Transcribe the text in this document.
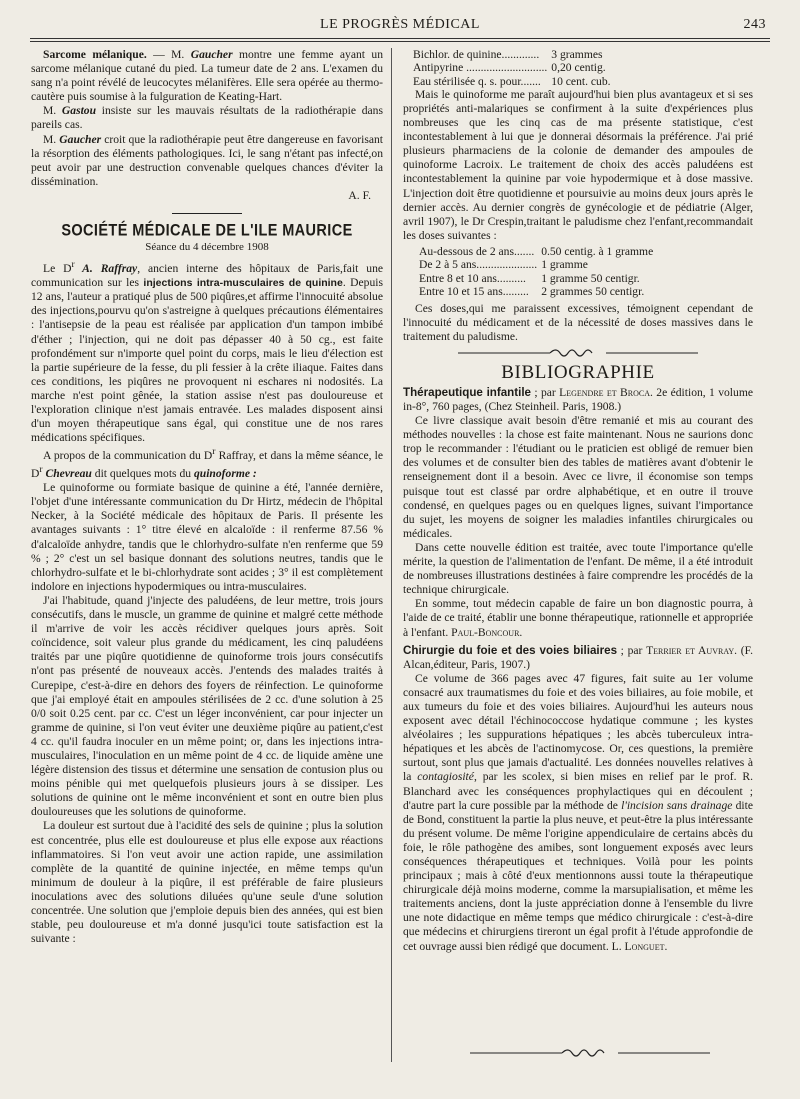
LE PROGRÈS MÉDICAL	243

Sarcome mélanique. — M. Gaucher montre une femme ayant un sarcome mélanique cutané du pied. La tumeur date de 2 ans. L'examen du sang n'a point révélé de leucocytes mélanifères. Elle sera opérée au thermo-cautère puis soumise à la fulguration de Keating-Hart.

M. Gastou insiste sur les mauvais résultats de la radiothérapie dans pareils cas.

M. Gaucher croit que la radiothérapie peut être dangereuse en favorisant la résorption des éléments pathologiques. Ici, le sang n'étant pas infecté,on peut avoir par une destruction convenable quelques chances d'éviter la dissémination.

A. F.
SOCIÉTÉ MÉDICALE DE L'ILE MAURICE
Séance du 4 décembre 1908

Le $D^r$ A. Raffray, ancien interne des hôpitaux de Paris,fait une communication sur les injections intra-musculaires de quinine. Depuis 12 ans, l'auteur a pratiqué plus de 500 piqûres,et affirme l'innocuité absolue des injections,pourvu qu'on s'astreigne à quelques précautions élémentaires : l'antisepsie de la peau est réalisée par application d'un tampon imbibé d'éther ; l'injection, qui ne doit pas dépasser 40 à 50 cg., est faite profondément sur n'importe quel point du corps, mais le lieu d'élection est la partie supérieure de la fesse, du pli fessier à la crête iliaque. Faites dans ces conditions, les piqûres ne provoquent ni eschares ni nodosités. La marche n'est point gênée, la station assise n'est pas douloureuse et l'exploration clinique n'est jamais entravée. Les malades disposent ainsi d'un moyen thérapeutique sans égal, qui constitue une de nos rares médications spécifiques.

A propos de la communication du $D^r$ Raffray, et dans la même séance, le $D^r$ Chevreau dit quelques mots du quinoforme :

Le quinoforme ou formiate basique de quinine a été, l'année dernière, l'objet d'une intéressante communication du Dr Hirtz, médecin de l'hôpital Necker, à la Société médicale des hôpitaux de Paris. Il présente les avantages suivants : 1° titre élevé en alcaloïde : il renferme 87.56 % d'alcaloïde anhydre, tandis que le chlorhydro-sulfate n'en renferme que 59 % ; 2° c'est un sel basique donnant des solutions neutres, tandis que le chlorhydro-sulfate et le bi-chlorhydrate sont acides ; 3° il est complètement indolore en injections hypodermiques ou intra-musculaires.

J'ai l'habitude, quand j'injecte des paludéens, de leur mettre, trois jours consécutifs, dans le muscle, un gramme de quinine et malgré cette méthode il m'arrive de voir les accès récidiver quelques jours après. Soit coïncidence, soit valeur plus grande du médicament, les cinq paludéens traités par une piqûre quotidienne de quinoforme trois jours consécutifs n'ont pas présenté de nouveaux accès. J'entends des malades traités à Curepipe, c'est-à-dire en dehors des foyers de réinfection. Le quinoforme que j'ai employé était en ampoules stérilisées de 2 cc. d'une solution à 25 0/0 soit 0.25 cent. par cc. C'est un léger inconvénient, car pour injecter un gramme de quinine, si l'on veut éviter une deuxième piqûre au patient,c'est 4 cc. qu'il faudra inoculer en un même point; or, dans les injections intra-musculaires, l'inoculation en un même point de 4 cc. de liquide amène une légère distension des tissus et détermine une sensation de contusion plus ou moins pénible qui met quelquefois plusieurs jours à se dissiper. Les solutions de quinine ont le même inconvénient et sont en outre bien plus douloureuses que les solutions de quinoforme.

La douleur est surtout due à l'acidité des sels de quinine ; plus la solution est concentrée, plus elle est douloureuse et plus elle expose aux réactions inflammatoires. Si l'on veut avoir une action rapide, une assimilation complète de la quantité de quinine injectée, en même temps qu'un minimum de douleur à la piqûre, il est préférable de faire plusieurs inoculations avec des solutions diluées qu'une seule d'une solution concentrée. Une solution que j'emploie depuis bien des années, qui est bien stable, peu douloureuse et m'a donné jusqu'ici toute satisfaction est la suivante :

Bichlor. de quinine.............	3 grammes
Antipyrine ............................	0,20 centig.
Eau stérilisée q. s. pour.......	10 cent. cub.

Mais le quinoforme me paraît aujourd'hui bien plus avantageux et si ses propriétés anti-malariques se confirment à la suite d'expériences plus nombreuses que les cinq cas de ma présente statistique, c'est incontestablement à lui que je donnerai désormais la préférence. J'ai prié plusieurs pharmaciens de la colonie de demander des ampoules de quinoforme Lacroix. Le traitement de choix des accès paludéens est incontestablement la quinine par voie hypodermique et à dose massive. L'injection doit être quotidienne et poursuivie au moins deux jours après le dernier accès. Au dernier congrès de gynécologie et de pédiatrie (Alger, avril 1907), le Dr Crespin,traitant le paludisme chez l'enfant,recommandait les doses suivantes :

Au-dessous de 2 ans.......	0.50 centig. à 1 gramme
De 2 à 5 ans.....................	1 gramme
Entre 8 et 10 ans..........	1 gramme 50 centigr.
Entre 10 et 15 ans.........	2 grammes 50 centigr.

Ces doses,qui me paraissent excessives, témoignent cependant de l'innocuité du médicament et de la nécessité de doses massives dans le traitement du paludisme.

BIBLIOGRAPHIE

Thérapeutique infantile ; par Legendre et Broca. 2e édition, 1 volume in-8°, 760 pages, (Chez Steinheil. Paris, 1908.)

Ce livre classique avait besoin d'être remanié et mis au courant des méthodes nouvelles : la chose est faite maintenant. Nous ne saurions donc trop le recommander : l'étudiant ou le praticien est obligé de remuer bien des volumes et de consulter bien des tables de matières avant d'obtenir le renseignement dont il a besoin. Avec ce livre, il économise son temps puisque tout est classé par ordre alphabétique, et en outre il trouve condensé, en quelques pages ou en quelques lignes, suivant l'importance du sujet, les moyens de soigner les maladies infantiles chirurgicales ou médicales.

Dans cette nouvelle édition est traitée, avec toute l'importance qu'elle mérite, la question de l'alimentation de l'enfant. De même, il a été introduit de nombreuses illustrations destinées à faire comprendre les procédés de la technique chirurgicale.

En somme, tout médecin capable de faire un bon diagnostic pourra, à l'aide de ce traité, établir une bonne thérapeutique, rationnelle et appropriée à l'enfant. Paul-Boncour.

Chirurgie du foie et des voies biliaires ; par Terrier et Auvray. (F. Alcan,éditeur, Paris, 1907.)

Ce volume de 366 pages avec 47 figures, fait suite au 1er volume consacré aux traumatismes du foie et des voies biliaires, au foie mobile, et aux tumeurs du foie et des voies biliaires. Aujourd'hui les auteurs nous exposent avec détail l'échinococcose hydatique commune ; les kystes alvéolaires ; les suppurations hépatiques ; les abcès tuberculeux intra-hépatiques et les abcès de l'actinomycose. Or, ces questions, la première surtout, sont plus que jamais d'actualité. Les données nouvelles relatives à la contagiosité, par les scolex, si bien mises en relief par le prof. R. Blanchard avec les conséquences prophylactiques qui en découlent ; d'autre part la cure possible par la méthode de l'incision sans drainage dite de Bond, constituent la partie la plus neuve, et peut-être la plus intéressante du présent volume. De même l'origine appendiculaire de certains abcès du foie, le rôle pathogène des amibes, sont longuement exposés avec leurs conséquences thérapeutiques et techniques. Voilà pour les points principaux ; mais à côté d'eux mentionnons aussi toute la thérapeutique chirurgicale déjà moins moderne, comme la marsupialisation, et même les traitements anciens, dont la juste appréciation donne à l'ensemble du livre une note didactique en même temps que médico chirurgicale : c'est-à-dire que médecins et chirurgiens tireront un égal profit à l'étude approfondie de cet ouvrage aussi bien rédigé que document. L. Longuet.
